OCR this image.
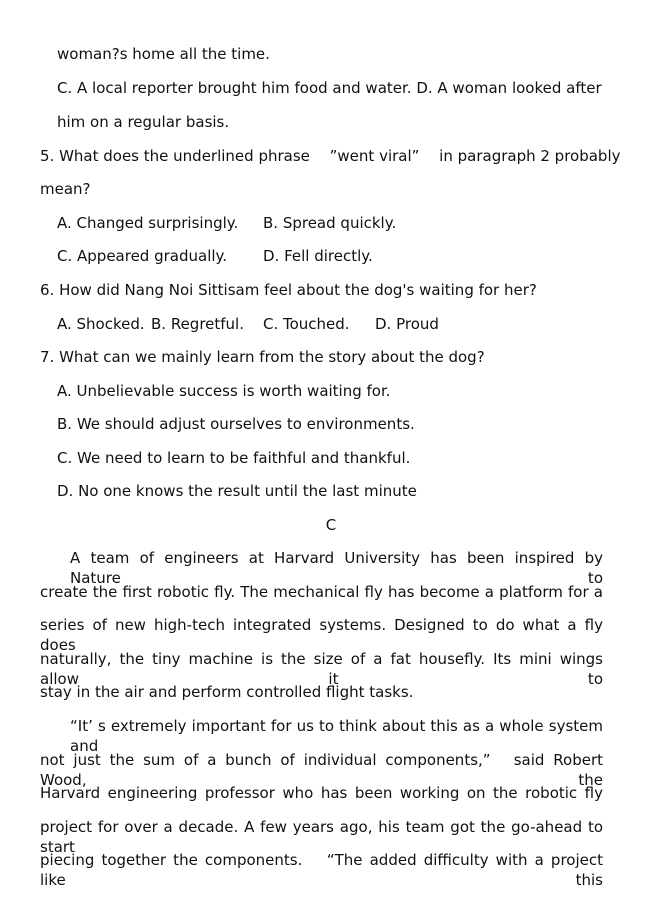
woman?s home all the time.
C. A local reporter brought him food and water. D. A woman looked after
him on a regular basis.
5. What does the underlined phrase 　”went viral”　 in paragraph 2 probably
mean?
A. Changed surprisingly. B. Spread quickly.
C. Appeared gradually. D. Fell directly.
6. How did Nang Noi Sittisam feel about the dog's waiting for her?
A. Shocked. B. Regretful. C. Touched. D. Proud
7. What can we mainly learn from the story about the dog?
A. Unbelievable success is worth waiting for.
B. We should adjust ourselves to environments.
C. We need to learn to be faithful and thankful.
D. No one knows the result until the last minute
C
A team of engineers at Harvard University has been inspired by Nature to
create the first robotic fly. The mechanical fly has become a platform for a
series of new high-tech integrated systems. Designed to do what a fly does
naturally, the tiny machine is the size of a fat housefly. Its mini wings allow it to
stay in the air and perform controlled flight tasks.
“It’ s extremely important for us to think about this as a whole system and
not just the sum of a bunch of individual components,”　said Robert Wood, the
Harvard engineering professor who has been working on the robotic fly
project for over a decade. A few years ago, his team got the go-ahead to start
piecing together the components. 　“The added difficulty with a project like this
